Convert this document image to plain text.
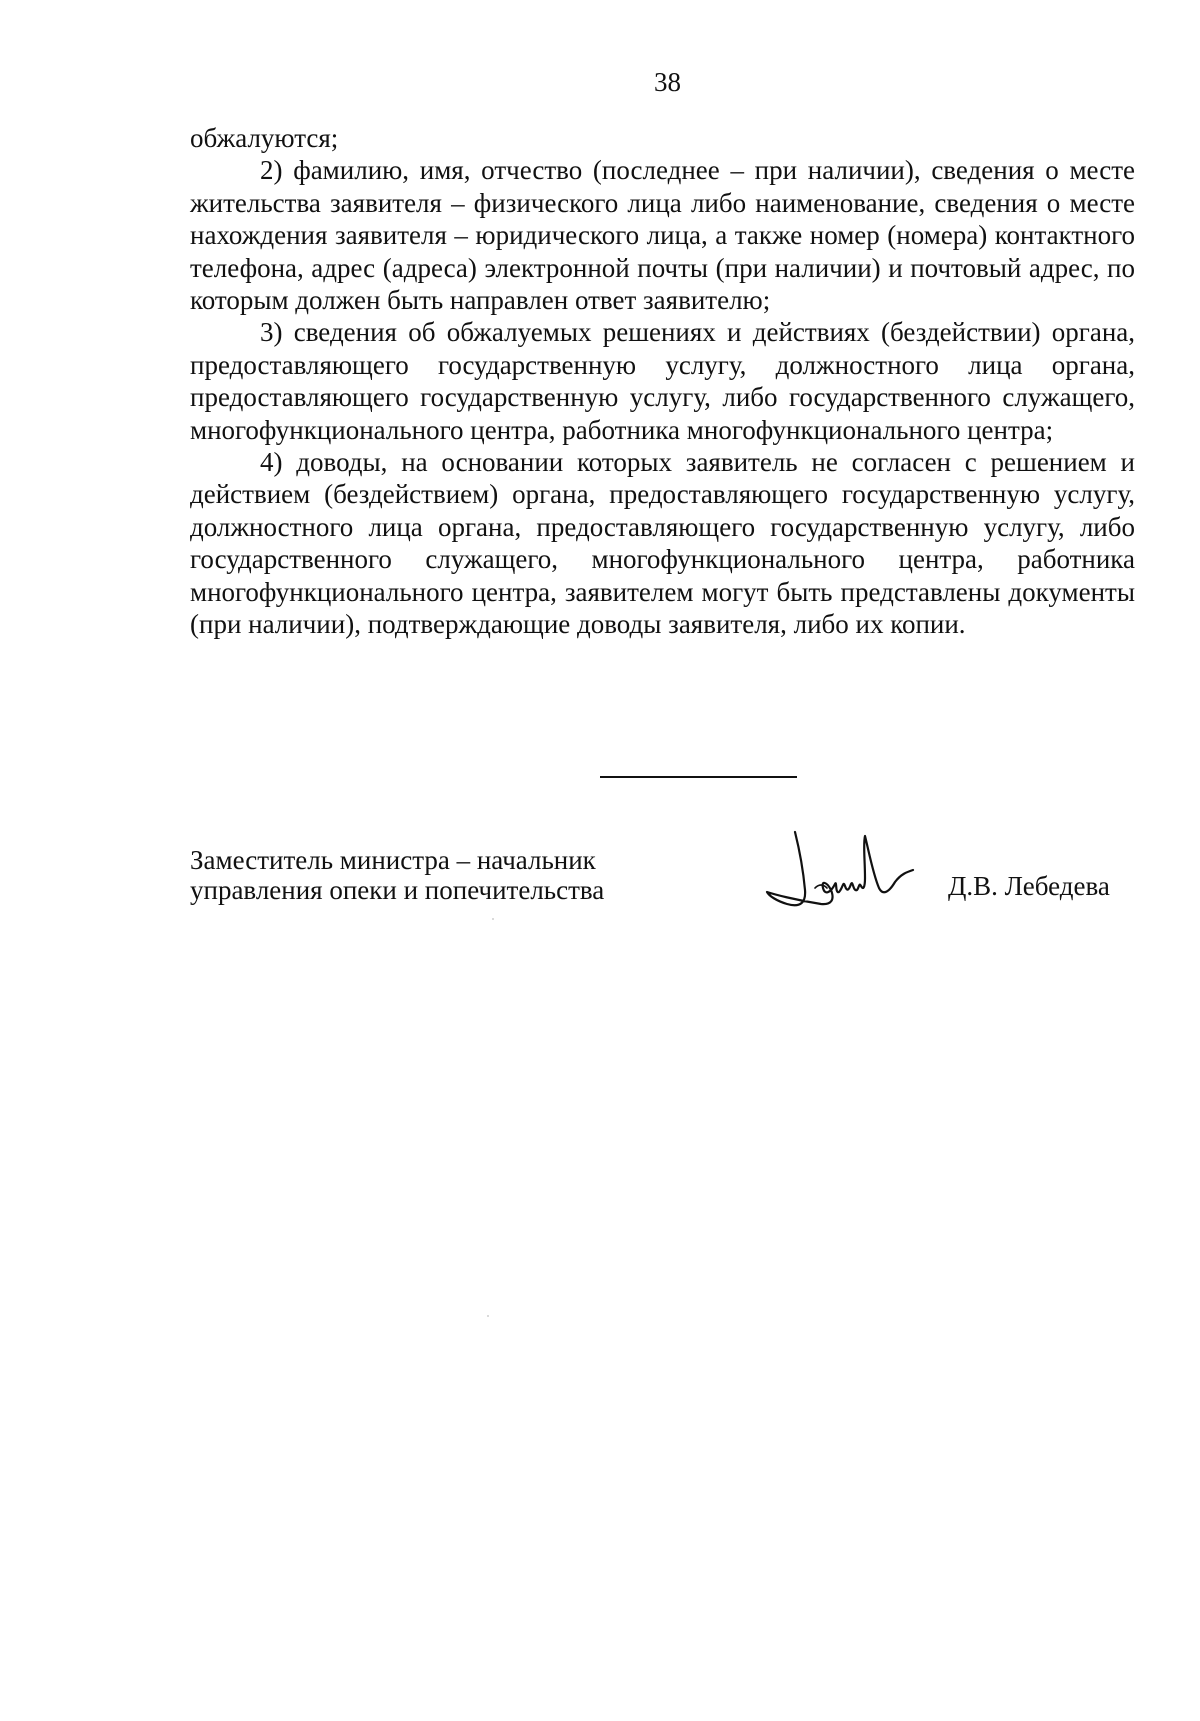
38

обжалуются;

2) фамилию, имя, отчество (последнее – при наличии), сведения о месте жительства заявителя – физического лица либо наименование, сведения о месте нахождения заявителя – юридического лица, а также номер (номера) контактного телефона, адрес (адреса) электронной почты (при наличии) и почтовый адрес, по которым должен быть направлен ответ заявителю;

3) сведения об обжалуемых решениях и действиях (бездействии) органа, предоставляющего государственную услугу, должностного лица органа, предоставляющего государственную услугу, либо государственного служащего, многофункционального центра, работника многофункционального центра;

4) доводы, на основании которых заявитель не согласен с решением и действием (бездействием) органа, предоставляющего государственную услугу, должностного лица органа, предоставляющего государственную услугу, либо государственного служащего, многофункционального центра, работника многофункционального центра, заявителем могут быть представлены документы (при наличии), подтверждающие доводы заявителя, либо их копии.

Заместитель министра – начальник
управления опеки и попечительства	Д.В. Лебедева
